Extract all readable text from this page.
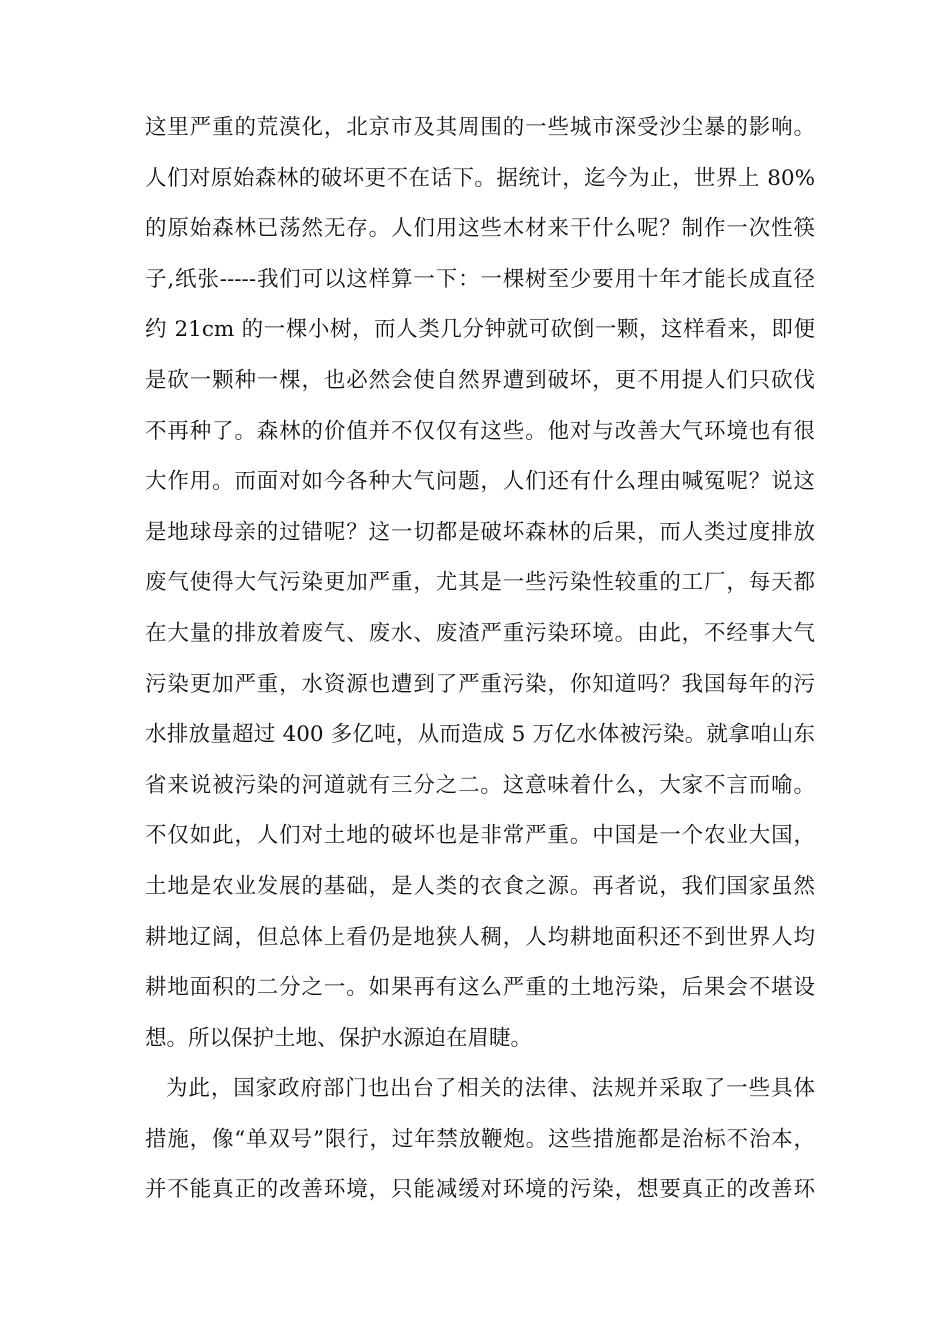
这里严重的荒漠化，北京市及其周围的一些城市深受沙尘暴的影响。
人们对原始森林的破坏更不在话下。据统计，迄今为止，世界上 80%
的原始森林已荡然无存。人们用这些木材来干什么呢？制作一次性筷
子,纸张-----我们可以这样算一下：一棵树至少要用十年才能长成直径
约 21cm 的一棵小树，而人类几分钟就可砍倒一颗，这样看来，即便
是砍一颗种一棵，也必然会使自然界遭到破坏，更不用提人们只砍伐
不再种了。森林的价值并不仅仅有这些。他对与改善大气环境也有很
大作用。而面对如今各种大气问题，人们还有什么理由喊冤呢？说这
是地球母亲的过错呢？这一切都是破坏森林的后果，而人类过度排放
废气使得大气污染更加严重，尤其是一些污染性较重的工厂，每天都
在大量的排放着废气、废水、废渣严重污染环境。由此，不经事大气
污染更加严重，水资源也遭到了严重污染，你知道吗？我国每年的污
水排放量超过 400 多亿吨，从而造成 5 万亿水体被污染。就拿咱山东
省来说被污染的河道就有三分之二。这意味着什么，大家不言而喻。
不仅如此，人们对土地的破坏也是非常严重。中国是一个农业大国，
土地是农业发展的基础，是人类的衣食之源。再者说，我们国家虽然
耕地辽阔，但总体上看仍是地狭人稠，人均耕地面积还不到世界人均
耕地面积的二分之一。如果再有这么严重的土地污染，后果会不堪设
想。所以保护土地、保护水源迫在眉睫。
为此，国家政府部门也出台了相关的法律、法规并采取了一些具体
措施，像“单双号”限行，过年禁放鞭炮。这些措施都是治标不治本，
并不能真正的改善环境，只能减缓对环境的污染，想要真正的改善环
